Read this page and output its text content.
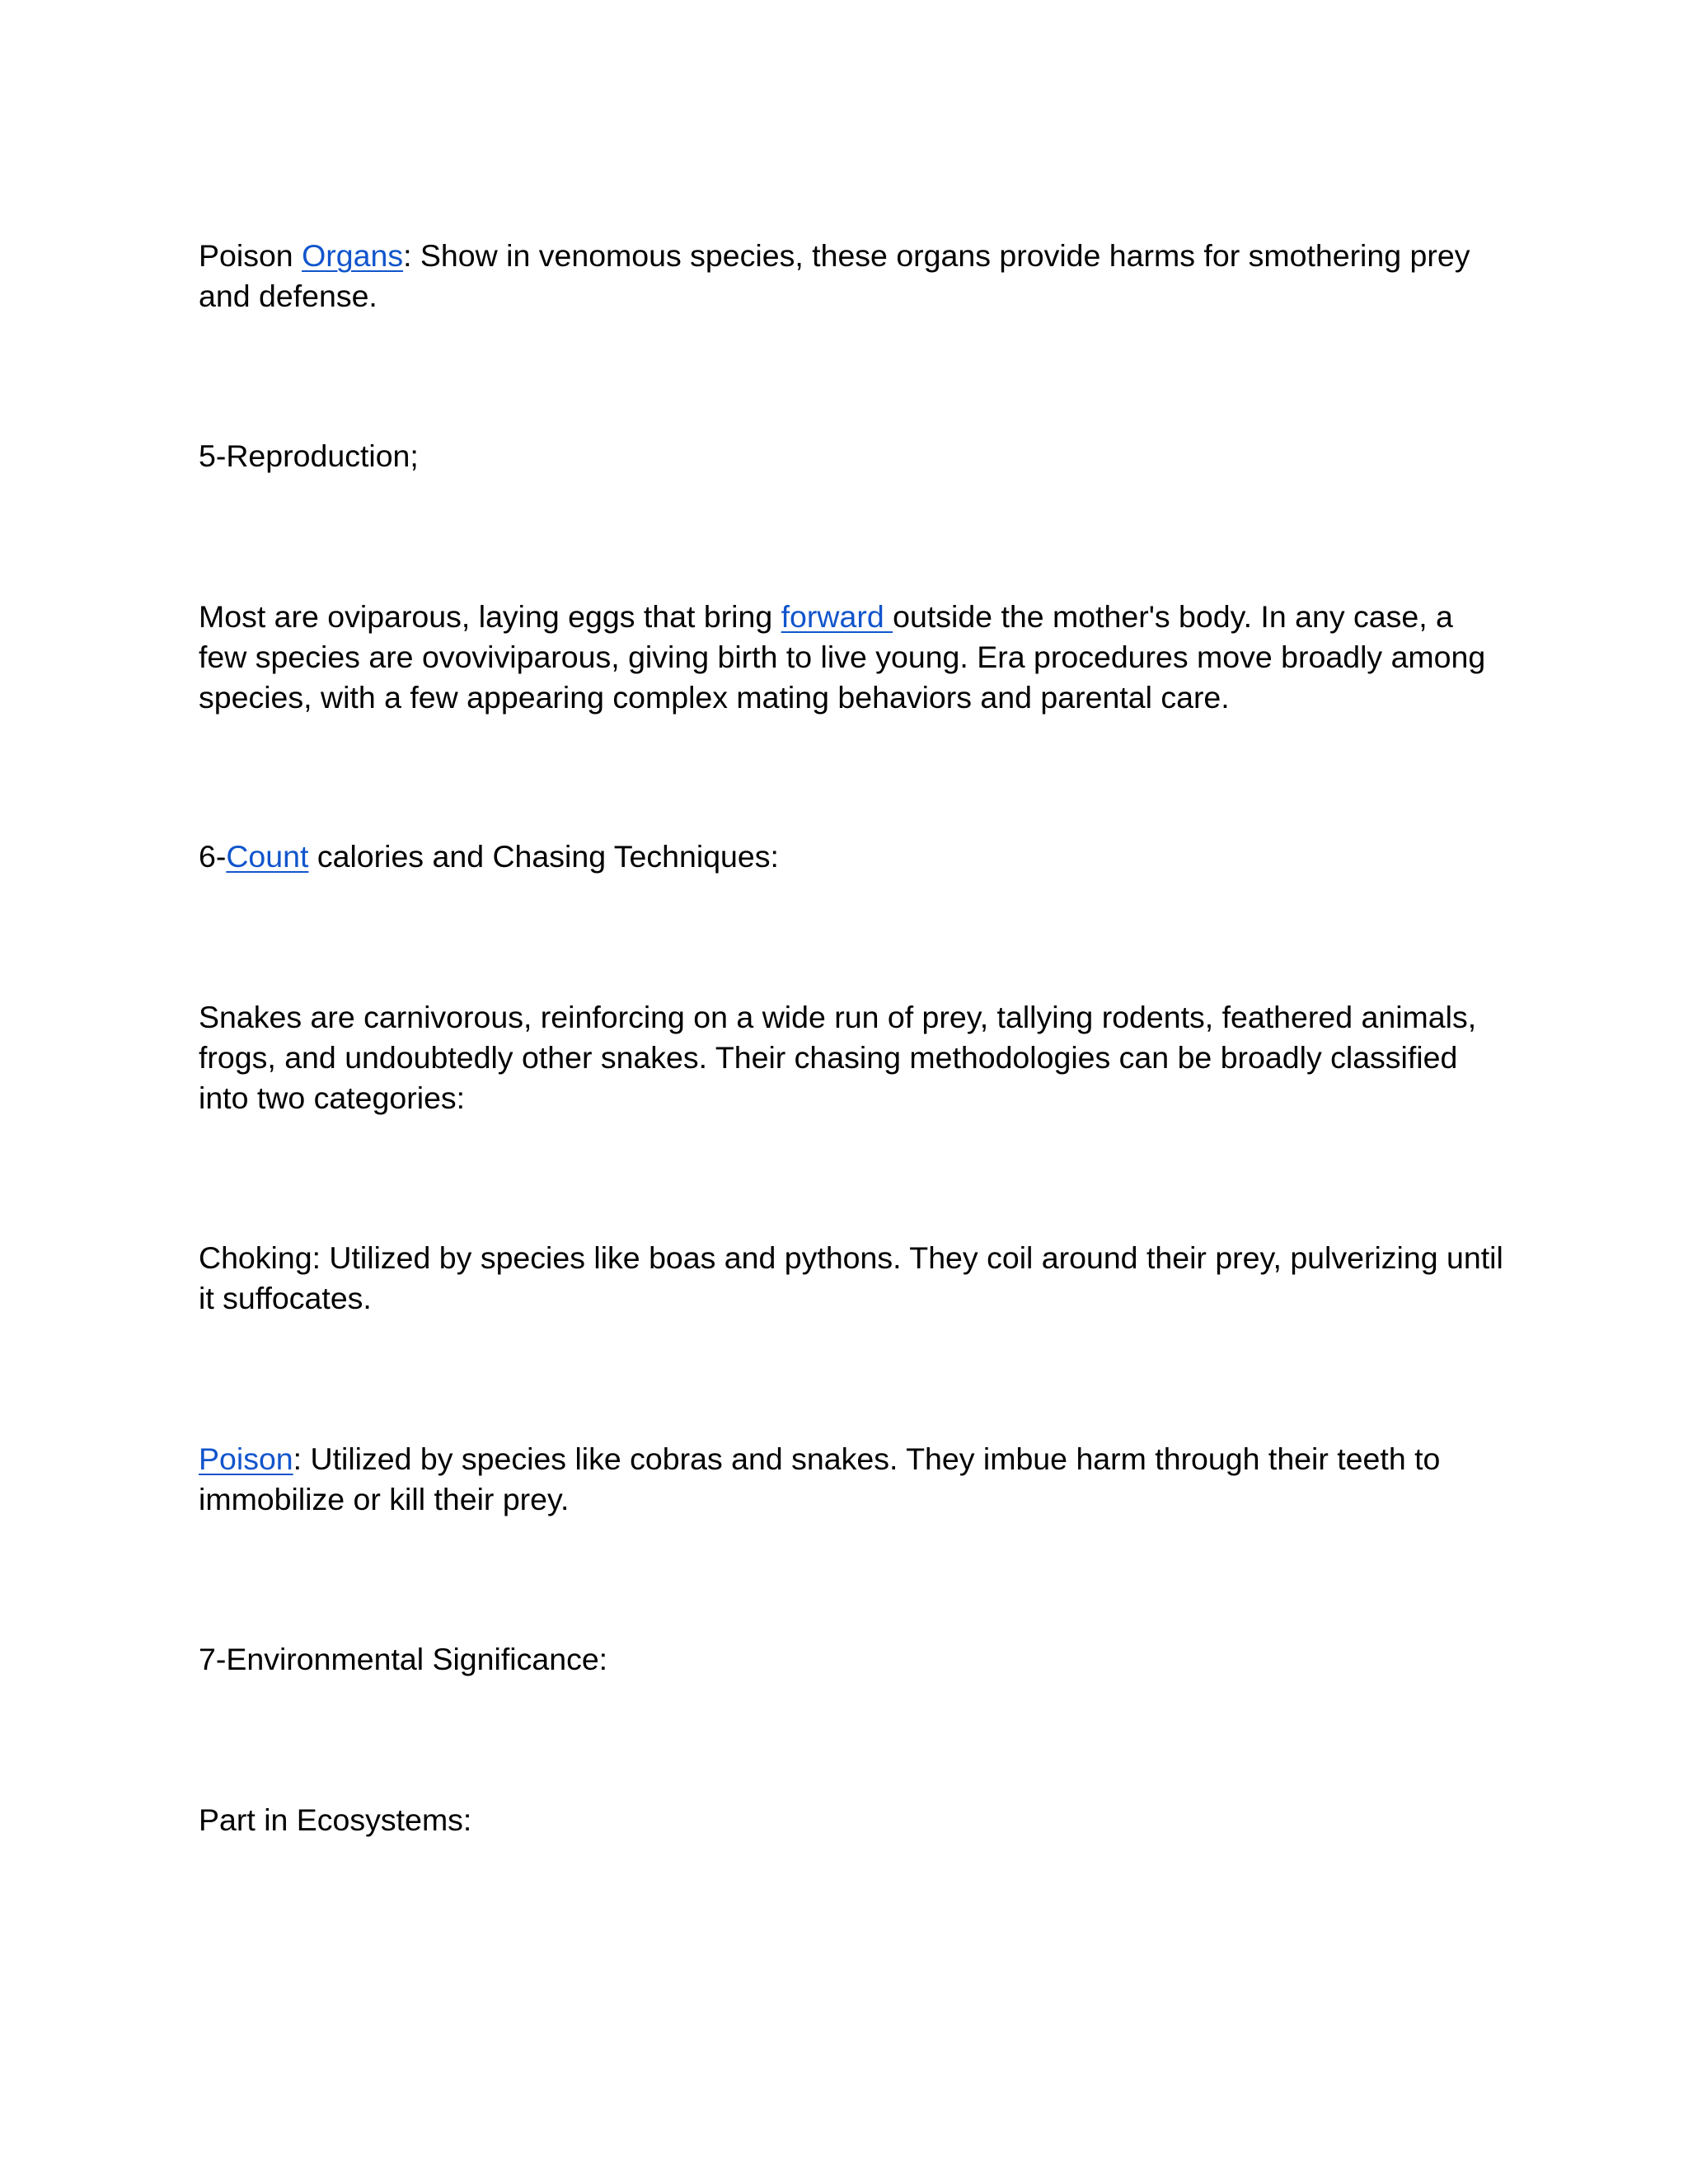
Poison Organs: Show in venomous species, these organs provide harms for smothering prey and defense.

5-Reproduction;

Most are oviparous, laying eggs that bring forward outside the mother's body. In any case, a few species are ovoviviparous, giving birth to live young. Era procedures move broadly among species, with a few appearing complex mating behaviors and parental care.

6-Count calories and Chasing Techniques:

Snakes are carnivorous, reinforcing on a wide run of prey, tallying rodents, feathered animals, frogs, and undoubtedly other snakes. Their chasing methodologies can be broadly classified into two categories:

Choking: Utilized by species like boas and pythons. They coil around their prey, pulverizing until it suffocates.

Poison: Utilized by species like cobras and snakes. They imbue harm through their teeth to immobilize or kill their prey.

7-Environmental Significance:

Part in Ecosystems:
